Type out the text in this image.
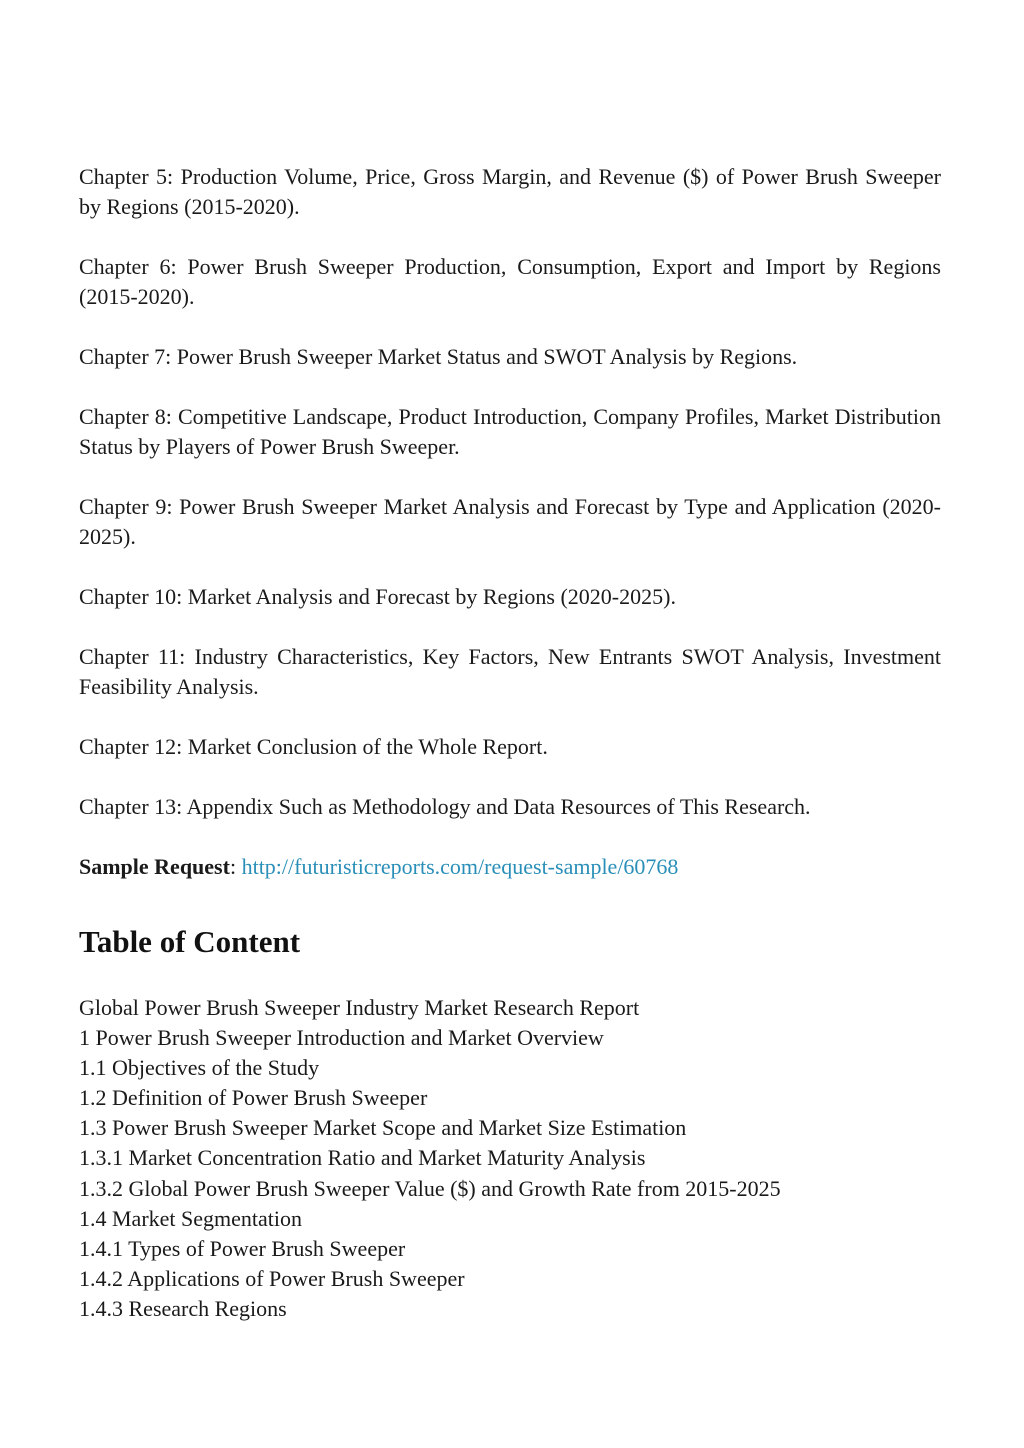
Chapter 5: Production Volume, Price, Gross Margin, and Revenue ($) of Power Brush Sweeper by Regions (2015-2020).

Chapter 6: Power Brush Sweeper Production, Consumption, Export and Import by Regions (2015-2020).

Chapter 7: Power Brush Sweeper Market Status and SWOT Analysis by Regions.

Chapter 8: Competitive Landscape, Product Introduction, Company Profiles, Market Distribution Status by Players of Power Brush Sweeper.

Chapter 9: Power Brush Sweeper Market Analysis and Forecast by Type and Application (2020-2025).

Chapter 10: Market Analysis and Forecast by Regions (2020-2025).

Chapter 11: Industry Characteristics, Key Factors, New Entrants SWOT Analysis, Investment Feasibility Analysis.

Chapter 12: Market Conclusion of the Whole Report.

Chapter 13: Appendix Such as Methodology and Data Resources of This Research.

Sample Request: http://futuristicreports.com/request-sample/60768

Table of Content
Global Power Brush Sweeper Industry Market Research Report
1 Power Brush Sweeper Introduction and Market Overview
1.1 Objectives of the Study
1.2 Definition of Power Brush Sweeper
1.3 Power Brush Sweeper Market Scope and Market Size Estimation
1.3.1 Market Concentration Ratio and Market Maturity Analysis
1.3.2 Global Power Brush Sweeper Value ($) and Growth Rate from 2015-2025
1.4 Market Segmentation
1.4.1 Types of Power Brush Sweeper
1.4.2 Applications of Power Brush Sweeper
1.4.3 Research Regions
